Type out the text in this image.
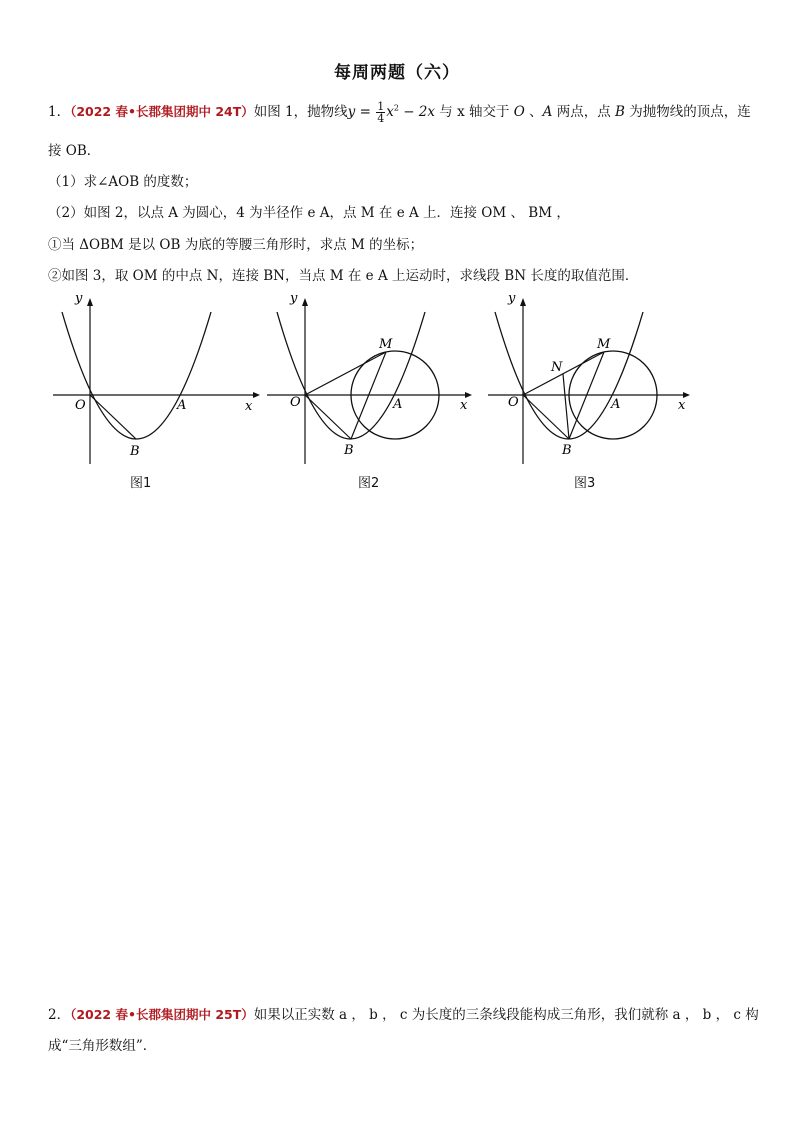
每周两题（六）
1．（2022 春•长郡集团期中 24T）如图 1，抛物线$y = \frac{1}{4} x^2 - 2x$ 与 x 轴交于 O 、A 两点，点 B 为抛物线的顶点，连
接 OB．
（1）求∠AOB 的度数；
（2）如图 2，以点 A 为圆心，4 为半径作 e A，点 M 在 e A 上．连接 OM 、 BM ，
①当 ΔOBM 是以 OB 为底的等腰三角形时，求点 M 的坐标；
②如图 3，取 OM 的中点 N，连接 BN，当点 M 在 e A 上运动时，求线段 BN 长度的取值范围．
y
x
O	A
B
图1
y
x
O	A
B
M
图2
y
x
O	A
B
M
N
图3
2．（2022 春•长郡集团期中 25T）如果以正实数 a ， b ， c 为长度的三条线段能构成三角形，我们就称 a ， b ， c 构
成“三角形数组”．
